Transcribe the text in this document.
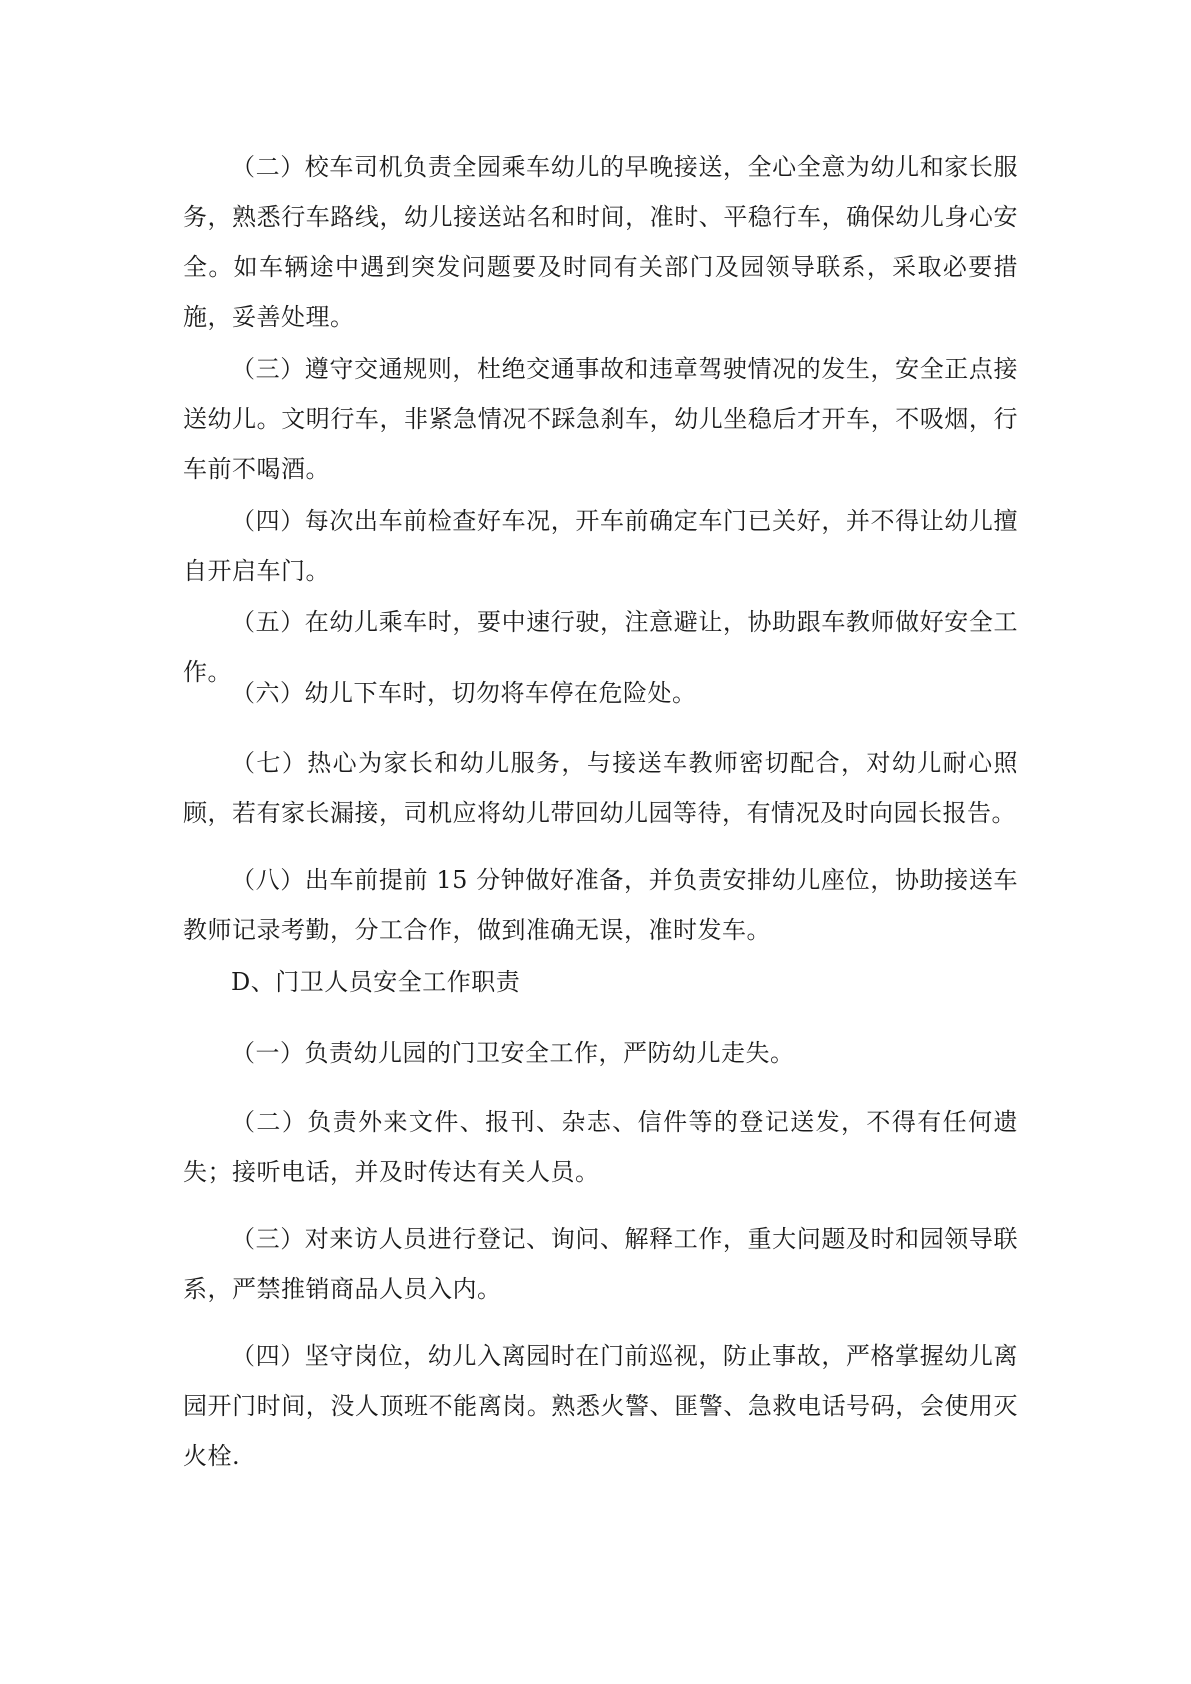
（二）校车司机负责全园乘车幼儿的早晚接送，全心全意为幼儿和家长服务，熟悉行车路线，幼儿接送站名和时间，准时、平稳行车，确保幼儿身心安全。如车辆途中遇到突发问题要及时同有关部门及园领导联系，采取必要措施，妥善处理。

（三）遵守交通规则，杜绝交通事故和违章驾驶情况的发生，安全正点接送幼儿。文明行车，非紧急情况不踩急刹车，幼儿坐稳后才开车，不吸烟，行车前不喝酒。

（四）每次出车前检查好车况，开车前确定车门已关好，并不得让幼儿擅自开启车门。

（五）在幼儿乘车时，要中速行驶，注意避让，协助跟车教师做好安全工作。

（六）幼儿下车时，切勿将车停在危险处。

（七）热心为家长和幼儿服务，与接送车教师密切配合，对幼儿耐心照顾，若有家长漏接，司机应将幼儿带回幼儿园等待，有情况及时向园长报告。

（八）出车前提前 15 分钟做好准备，并负责安排幼儿座位，协助接送车教师记录考勤，分工合作，做到准确无误，准时发车。

D、门卫人员安全工作职责

（一）负责幼儿园的门卫安全工作，严防幼儿走失。

（二）负责外来文件、报刊、杂志、信件等的登记送发，不得有任何遗失；接听电话，并及时传达有关人员。

（三）对来访人员进行登记、询问、解释工作，重大问题及时和园领导联系，严禁推销商品人员入内。

（四）坚守岗位，幼儿入离园时在门前巡视，防止事故，严格掌握幼儿离园开门时间，没人顶班不能离岗。熟悉火警、匪警、急救电话号码，会使用灭火栓.
